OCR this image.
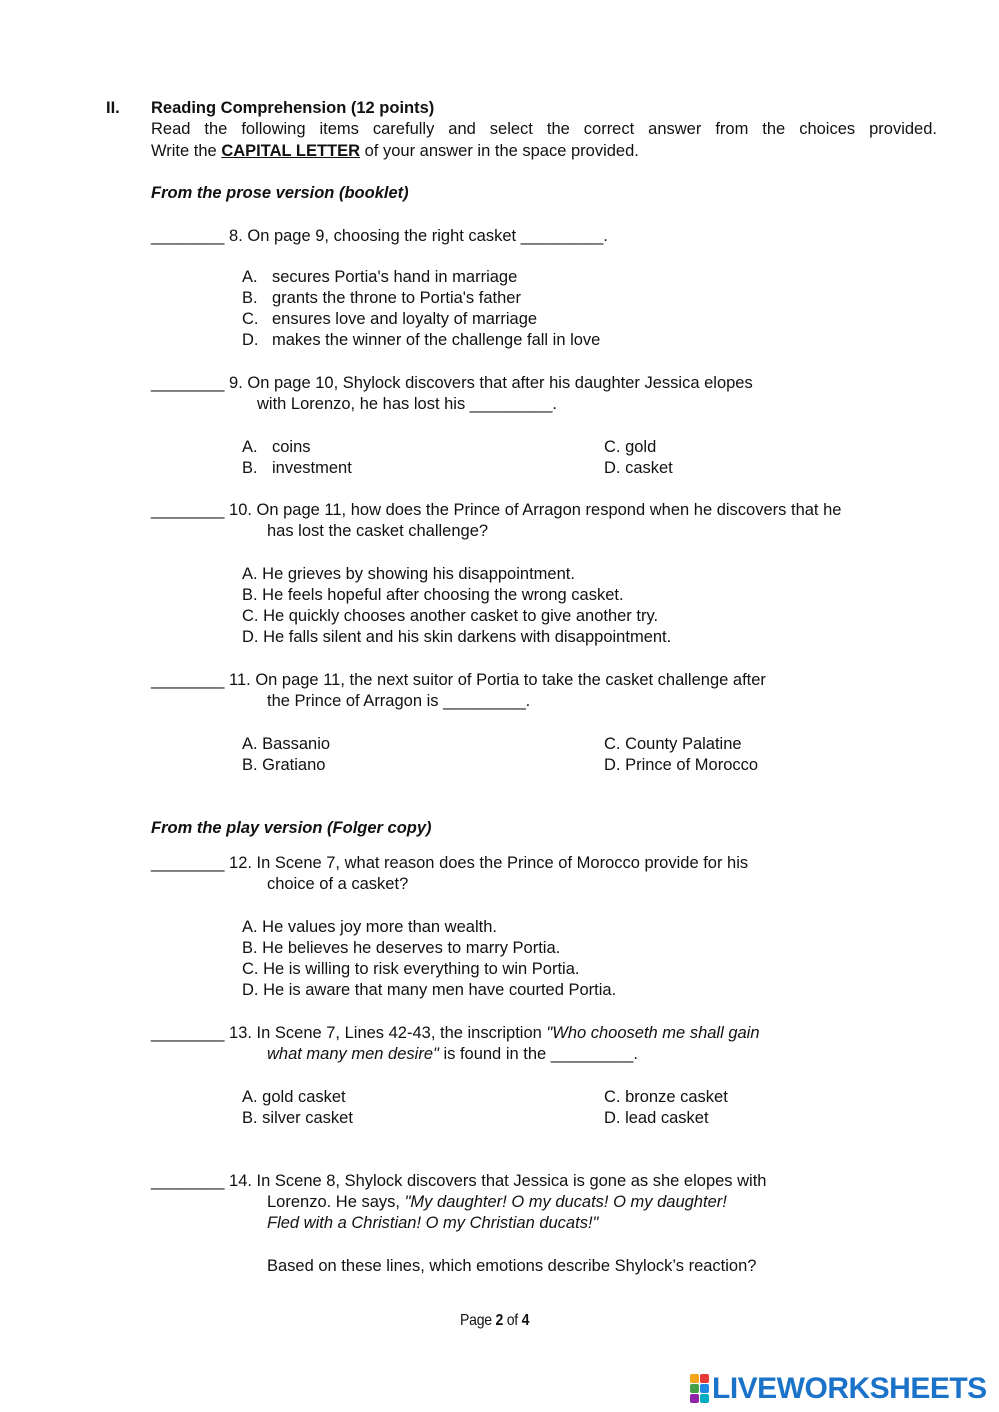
II. Reading Comprehension (12 points)
Read the following items carefully and select the correct answer from the choices provided.
Write the CAPITAL LETTER of your answer in the space provided.
From the prose version (booklet)
________ 8. On page 9, choosing the right casket _________.
A. secures Portia's hand in marriage
B. grants the throne to Portia's father
C. ensures love and loyalty of marriage
D. makes the winner of the challenge fall in love
________ 9. On page 10, Shylock discovers that after his daughter Jessica elopes
with Lorenzo, he has lost his _________.
A. coins
B. investment
C. gold
D. casket
________ 10. On page 11, how does the Prince of Arragon respond when he discovers that he
has lost the casket challenge?
A. He grieves by showing his disappointment.
B. He feels hopeful after choosing the wrong casket.
C. He quickly chooses another casket to give another try.
D. He falls silent and his skin darkens with disappointment.
________ 11. On page 11, the next suitor of Portia to take the casket challenge after
the Prince of Arragon is _________.
A. Bassanio
B. Gratiano
C. County Palatine
D. Prince of Morocco
From the play version (Folger copy)
________ 12. In Scene 7, what reason does the Prince of Morocco provide for his
choice of a casket?
A. He values joy more than wealth.
B. He believes he deserves to marry Portia.
C. He is willing to risk everything to win Portia.
D. He is aware that many men have courted Portia.
________ 13. In Scene 7, Lines 42-43, the inscription "Who chooseth me shall gain
what many men desire" is found in the _________.
A. gold casket
B. silver casket
C. bronze casket
D. lead casket
________ 14. In Scene 8, Shylock discovers that Jessica is gone as she elopes with
Lorenzo. He says, "My daughter! O my ducats! O my daughter!
Fled with a Christian! O my Christian ducats!"
Based on these lines, which emotions describe Shylock’s reaction?
Page 2 of 4
LIVEWORKSHEETS
